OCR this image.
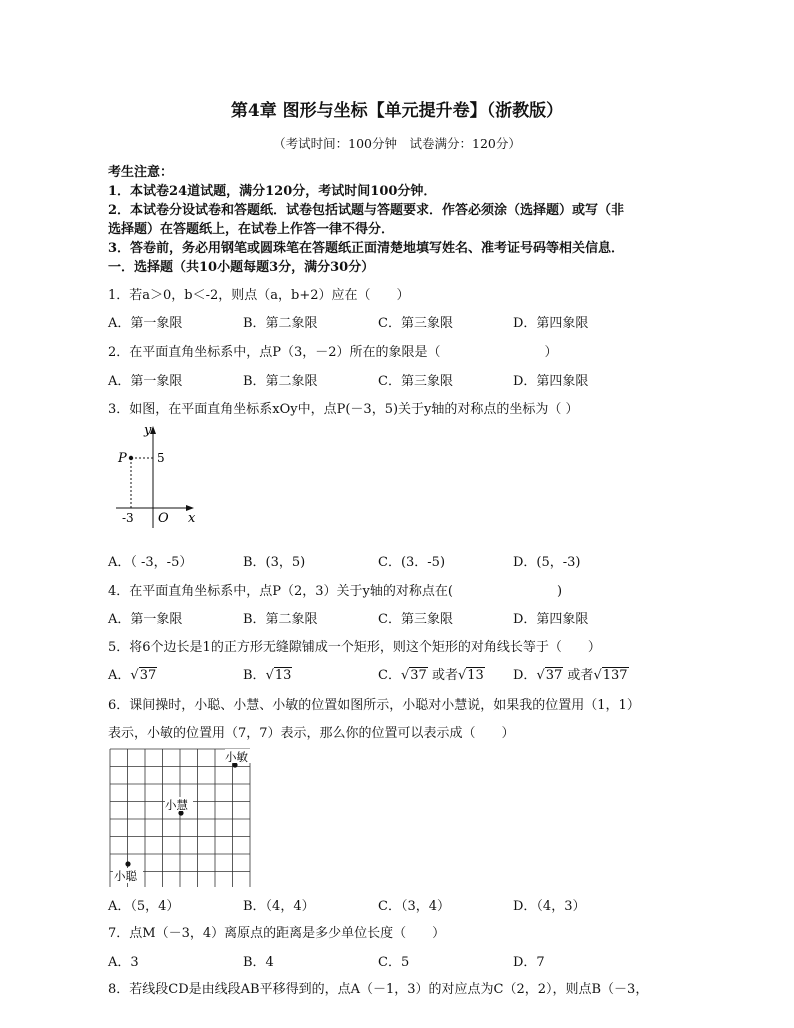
第4章 图形与坐标【单元提升卷】（浙教版）
（考试时间：100分钟　试卷满分：120分）
考生注意：
1．本试卷24道试题，满分120分，考试时间100分钟．
2．本试卷分设试卷和答题纸．试卷包括试题与答题要求．作答必须涂（选择题）或写（非
选择题）在答题纸上，在试卷上作答一律不得分．
3．答卷前，务必用钢笔或圆珠笔在答题纸正面清楚地填写姓名、准考证号码等相关信息．
一．选择题（共10小题每题3分，满分30分）
1．若a＞0，b＜-2，则点（a，b+2）应在（　　）
A．第一象限	B．第二象限	C．第三象限	D．第四象限
2．在平面直角坐标系中，点P（3，－2）所在的象限是（　　　　　　　　）
A．第一象限	B．第二象限	C．第三象限	D．第四象限
3．如图，在平面直角坐标系xOy中，点P(－3，5)关于y轴的对称点的坐标为（ ）
y
x
P	5
-3 O
A．（ -3，-5）	B．(3，5)	C．(3．-5)	D．(5，-3)
4．在平面直角坐标系中，点P（2，3）关于y轴的对称点在(　　　　　　　　)
A．第一象限	B．第二象限	C．第三象限	D．第四象限
5．将6个边长是1的正方形无缝隙铺成一个矩形，则这个矩形的对角线长等于（　　）
A．√37	B．√13	C．√37 或者√13 D．√37 或者√137
6．课间操时，小聪、小慧、小敏的位置如图所示，小聪对小慧说，如果我的位置用（1，1）
表示，小敏的位置用（7，7）表示，那么你的位置可以表示成（　　）
小敏
小慧
小聪
A．（5，4）	B．（4，4）	C．（3，4）	D．（4，3）
7．点M（－3，4）离原点的距离是多少单位长度（　　）
A．3	B．4	C．5	D．7
8．若线段CD是由线段AB平移得到的，点A（－1，3）的对应点为C（2，2），则点B（－3，
